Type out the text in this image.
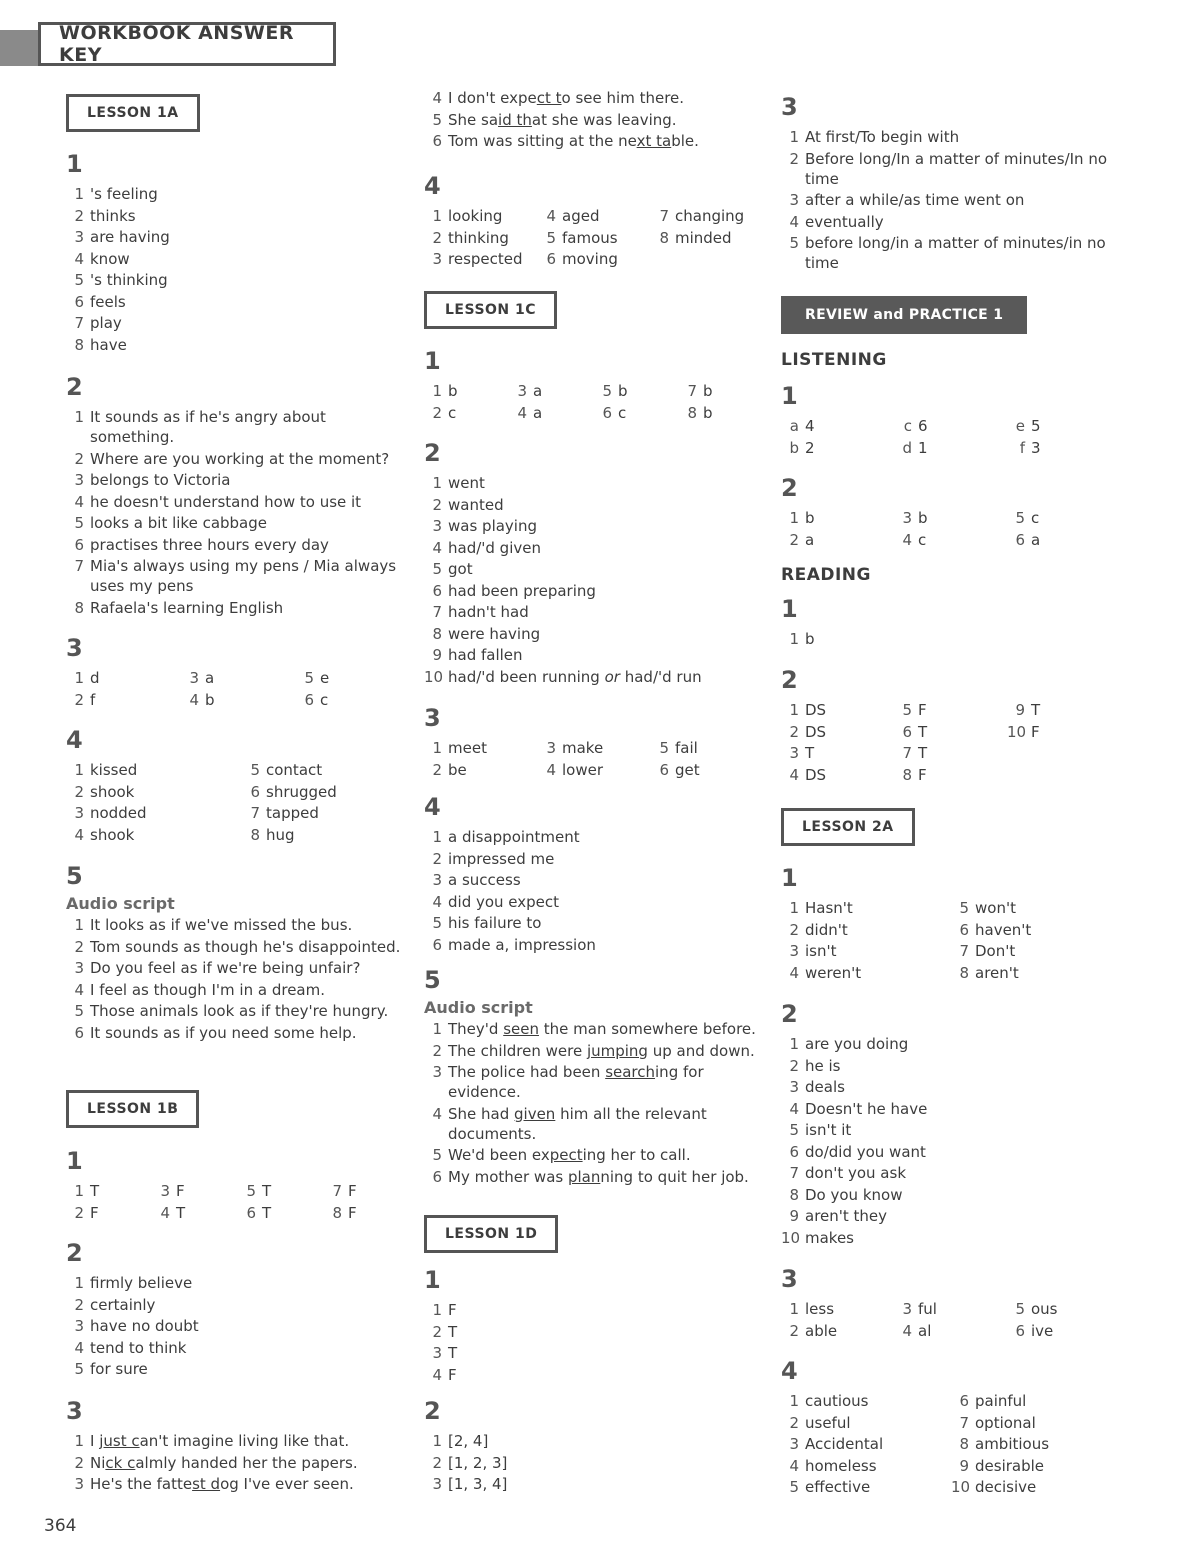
WORKBOOK ANSWER KEY
LESSON 1A
1
1 's feeling
2 thinks
3 are having
4 know
5 's thinking
6 feels
7 play
8 have
2
1 It sounds as if he's angry about something.
2 Where are you working at the moment?
3 belongs to Victoria
4 he doesn't understand how to use it
5 looks a bit like cabbage
6 practises three hours every day
7 Mia's always using my pens / Mia always uses my pens
8 Rafaela's learning English
3
1 d	3 a	5 e
2 f	4 b	6 c
4
1 kissed	5 contact
2 shook	6 shrugged
3 nodded	7 tapped
4 shook	8 hug
5
Audio script
1 It looks as if we've missed the bus.
2 Tom sounds as though he's disappointed.
3 Do you feel as if we're being unfair?
4 I feel as though I'm in a dream.
5 Those animals look as if they're hungry.
6 It sounds as if you need some help.
LESSON 1B
1
1 T	3 F	5 T	7 F
2 F	4 T	6 T	8 F
2
1 firmly believe
2 certainly
3 have no doubt
4 tend to think
5 for sure
3
1 I just can't imagine living like that.
2 Nick calmly handed her the papers.
3 He's the fattest dog I've ever seen.
4 I don't expect to see him there.
5 She said that she was leaving.
6 Tom was sitting at the next table.
4
1 looking	4 aged	7 changing
2 thinking	5 famous	8 minded
3 respected	6 moving
LESSON 1C
1
1 b	3 a	5 b	7 b
2 c	4 a	6 c	8 b
2
1 went
2 wanted
3 was playing
4 had/'d given
5 got
6 had been preparing
7 hadn't had
8 were having
9 had fallen
10 had/'d been running or had/'d run
3
1 meet	3 make	5 fail
2 be	4 lower	6 get
4
1 a disappointment
2 impressed me
3 a success
4 did you expect
5 his failure to
6 made a, impression
5
Audio script
1 They'd seen the man somewhere before.
2 The children were jumping up and down.
3 The police had been searching for evidence.
4 She had given him all the relevant documents.
5 We'd been expecting her to call.
6 My mother was planning to quit her job.
LESSON 1D
1
1 F
2 T
3 T
4 F
2
1 [2, 4]
2 [1, 2, 3]
3 [1, 3, 4]
3
1 At first/To begin with
2 Before long/In a matter of minutes/In no time
3 after a while/as time went on
4 eventually
5 before long/in a matter of minutes/in no time
REVIEW and PRACTICE 1
LISTENING
1
a 4	c 6	e 5
b 2	d 1	f 3
2
1 b	3 b	5 c
2 a	4 c	6 a
READING
1
1 b
2
1 DS	5 F	9 T
2 DS	6 T	10 F
3 T	7 T
4 DS	8 F
LESSON 2A
1
1 Hasn't	5 won't
2 didn't	6 haven't
3 isn't	7 Don't
4 weren't	8 aren't
2
1 are you doing
2 he is
3 deals
4 Doesn't he have
5 isn't it
6 do/did you want
7 don't you ask
8 Do you know
9 aren't they
10 makes
3
1 less	3 ful	5 ous
2 able	4 al	6 ive
4
1 cautious	6 painful
2 useful	7 optional
3 Accidental	8 ambitious
4 homeless	9 desirable
5 effective	10 decisive
364
